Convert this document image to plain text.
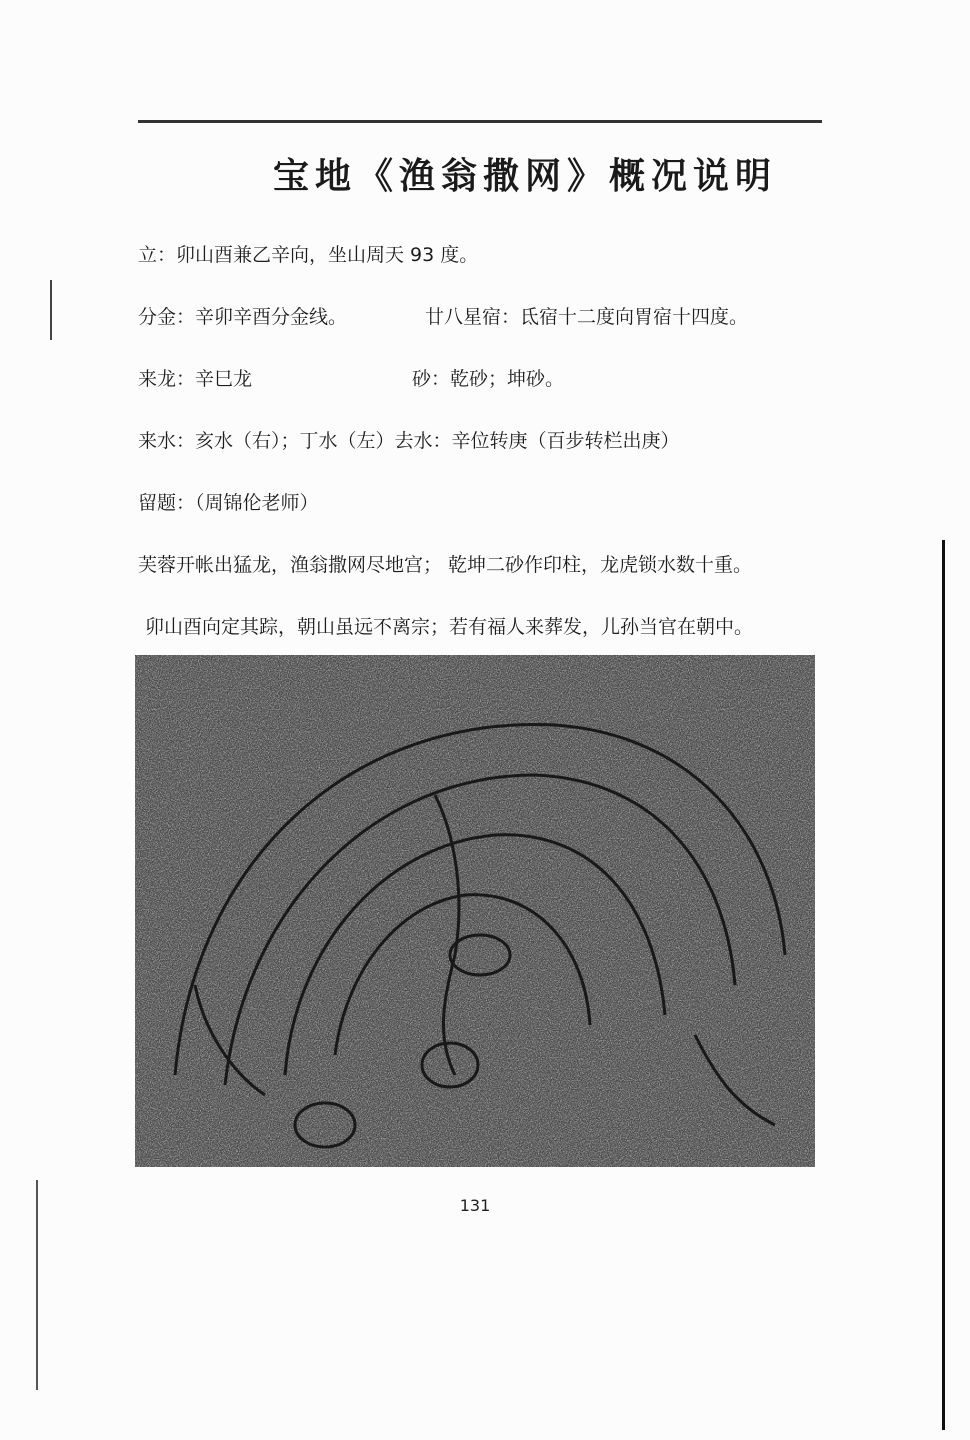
宝地《渔翁撒网》概况说明
立：卯山酉兼乙辛向，坐山周天 93 度。
分金：辛卯辛酉分金线。	廿八星宿：氐宿十二度向胃宿十四度。
来龙：辛巳龙	砂：乾砂；坤砂。
来水：亥水（右）；丁水（左）去水：辛位转庚（百步转栏出庚）
留题：（周锦伦老师）
芙蓉开帐出猛龙，渔翁撒网尽地宫； 乾坤二砂作印柱，龙虎锁水数十重。
卯山酉向定其踪，朝山虽远不离宗；若有福人来葬发，儿孙当官在朝中。
131
